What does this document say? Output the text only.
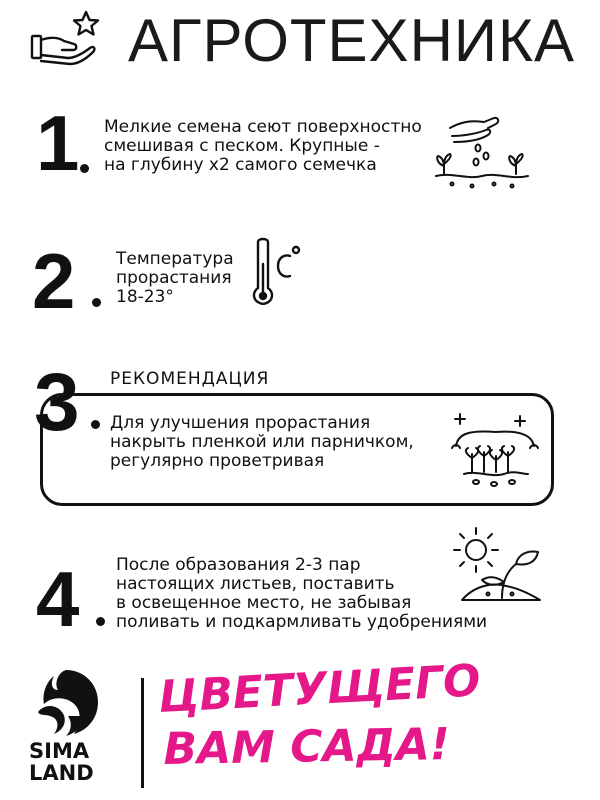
АГРОТЕХНИКА
1 Мелкие семена сеют поверхностно
смешивая с песком. Крупные -
на глубину х2 самого семечка
2 Температура
прорастания
18-23°
3 РЕКОМЕНДАЦИЯ
Для улучшения прорастания
накрыть пленкой или парничком,
регулярно проветривая
4 После образования 2-3 пар
настоящих листьев, поставить
в освещенное место, не забывая
поливать и подкармливать удобрениями
SIMA
LAND
ЦВЕТУЩЕГО
ВАМ САДА!
